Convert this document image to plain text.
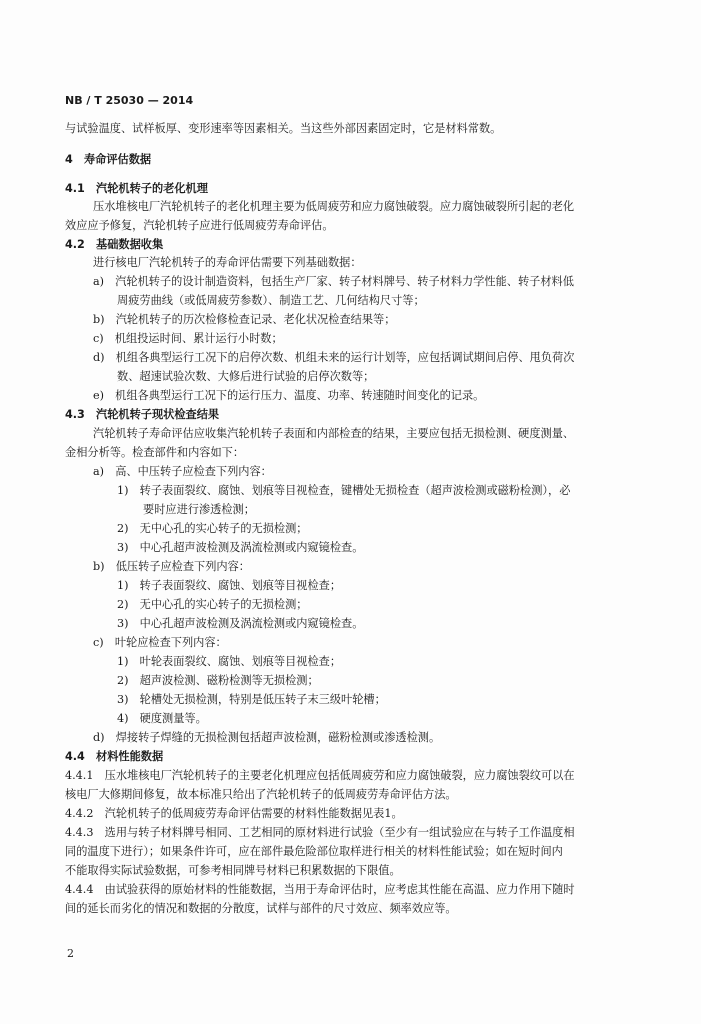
NB / T 25030 — 2014
与试验温度、试样板厚、变形速率等因素相关。当这些外部因素固定时，它是材料常数。
4　寿命评估数据
4.1　汽轮机转子的老化机理
压水堆核电厂汽轮机转子的老化机理主要为低周疲劳和应力腐蚀破裂。应力腐蚀破裂所引起的老化
效应应予修复，汽轮机转子应进行低周疲劳寿命评估。
4.2　基础数据收集
进行核电厂汽轮机转子的寿命评估需要下列基础数据：
a)　汽轮机转子的设计制造资料，包括生产厂家、转子材料牌号、转子材料力学性能、转子材料低
周疲劳曲线（或低周疲劳参数）、制造工艺、几何结构尺寸等；
b)　汽轮机转子的历次检修检查记录、老化状况检查结果等；
c)　机组投运时间、累计运行小时数；
d)　机组各典型运行工况下的启停次数、机组未来的运行计划等，应包括调试期间启停、甩负荷次
数、超速试验次数、大修后进行试验的启停次数等；
e)　机组各典型运行工况下的运行压力、温度、功率、转速随时间变化的记录。
4.3　汽轮机转子现状检查结果
汽轮机转子寿命评估应收集汽轮机转子表面和内部检查的结果，主要应包括无损检测、硬度测量、
金相分析等。检查部件和内容如下：
a)　高、中压转子应检查下列内容：
1)　转子表面裂纹、腐蚀、划痕等目视检查，键槽处无损检查（超声波检测或磁粉检测），必
要时应进行渗透检测；
2)　无中心孔的实心转子的无损检测；
3)　中心孔超声波检测及涡流检测或内窥镜检查。
b)　低压转子应检查下列内容：
1)　转子表面裂纹、腐蚀、划痕等目视检查；
2)　无中心孔的实心转子的无损检测；
3)　中心孔超声波检测及涡流检测或内窥镜检查。
c)　叶轮应检查下列内容：
1)　叶轮表面裂纹、腐蚀、划痕等目视检查；
2)　超声波检测、磁粉检测等无损检测；
3)　轮槽处无损检测，特别是低压转子末三级叶轮槽；
4)　硬度测量等。
d)　焊接转子焊缝的无损检测包括超声波检测，磁粉检测或渗透检测。
4.4　材料性能数据
4.4.1　压水堆核电厂汽轮机转子的主要老化机理应包括低周疲劳和应力腐蚀破裂，应力腐蚀裂纹可以在
核电厂大修期间修复，故本标准只给出了汽轮机转子的低周疲劳寿命评估方法。
4.4.2　汽轮机转子的低周疲劳寿命评估需要的材料性能数据见表1。
4.4.3　选用与转子材料牌号相同、工艺相同的原材料进行试验（至少有一组试验应在与转子工作温度相
同的温度下进行）；如果条件许可，应在部件最危险部位取样进行相关的材料性能试验；如在短时间内
不能取得实际试验数据，可参考相同牌号材料已积累数据的下限值。
4.4.4　由试验获得的原始材料的性能数据，当用于寿命评估时，应考虑其性能在高温、应力作用下随时
间的延长而劣化的情况和数据的分散度，试样与部件的尺寸效应、频率效应等。
2
